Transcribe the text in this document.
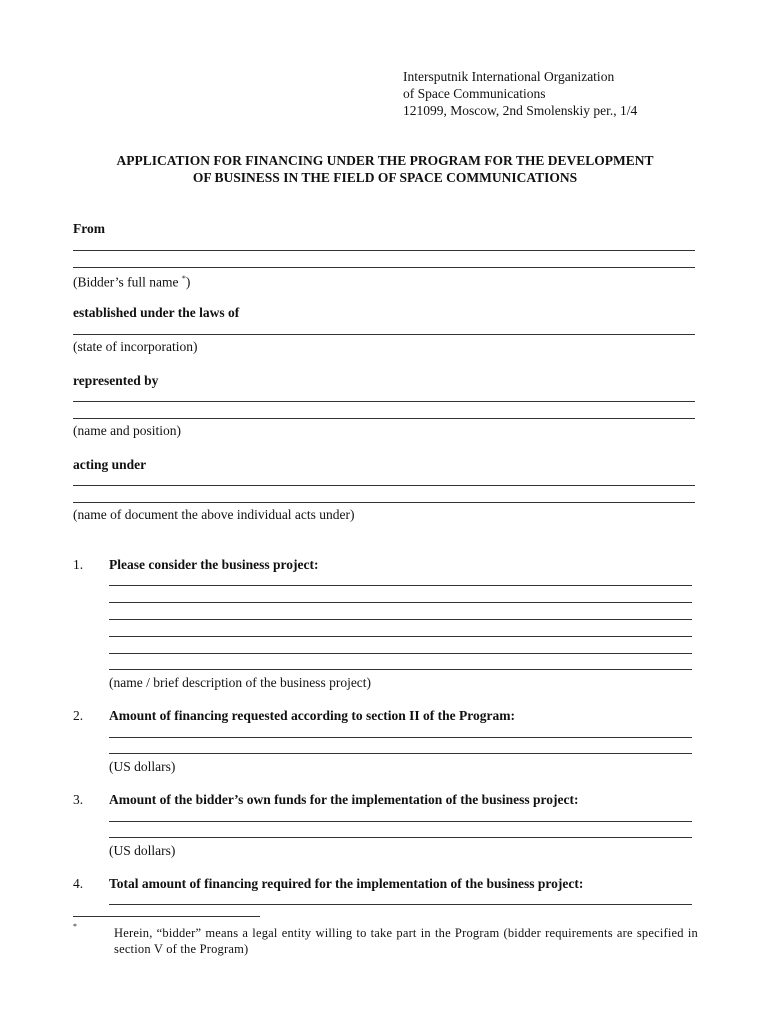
Intersputnik International Organization
of Space Communications
121099, Moscow, 2nd Smolenskiy per., 1/4
APPLICATION FOR FINANCING UNDER THE PROGRAM FOR THE DEVELOPMENT
OF BUSINESS IN THE FIELD OF SPACE COMMUNICATIONS
From
(Bidder’s full name *)
established under the laws of
(state of incorporation)
represented by
(name and position)
acting under
(name of document the above individual acts under)
1. Please consider the business project:
(name / brief description of the business project)
2. Amount of financing requested according to section II of the Program:
(US dollars)
3. Amount of the bidder’s own funds for the implementation of the business project:
(US dollars)
4. Total amount of financing required for the implementation of the business project:
*	Herein, “bidder” means a legal entity willing to take part in the Program (bidder requirements are specified in section V of the Program)
